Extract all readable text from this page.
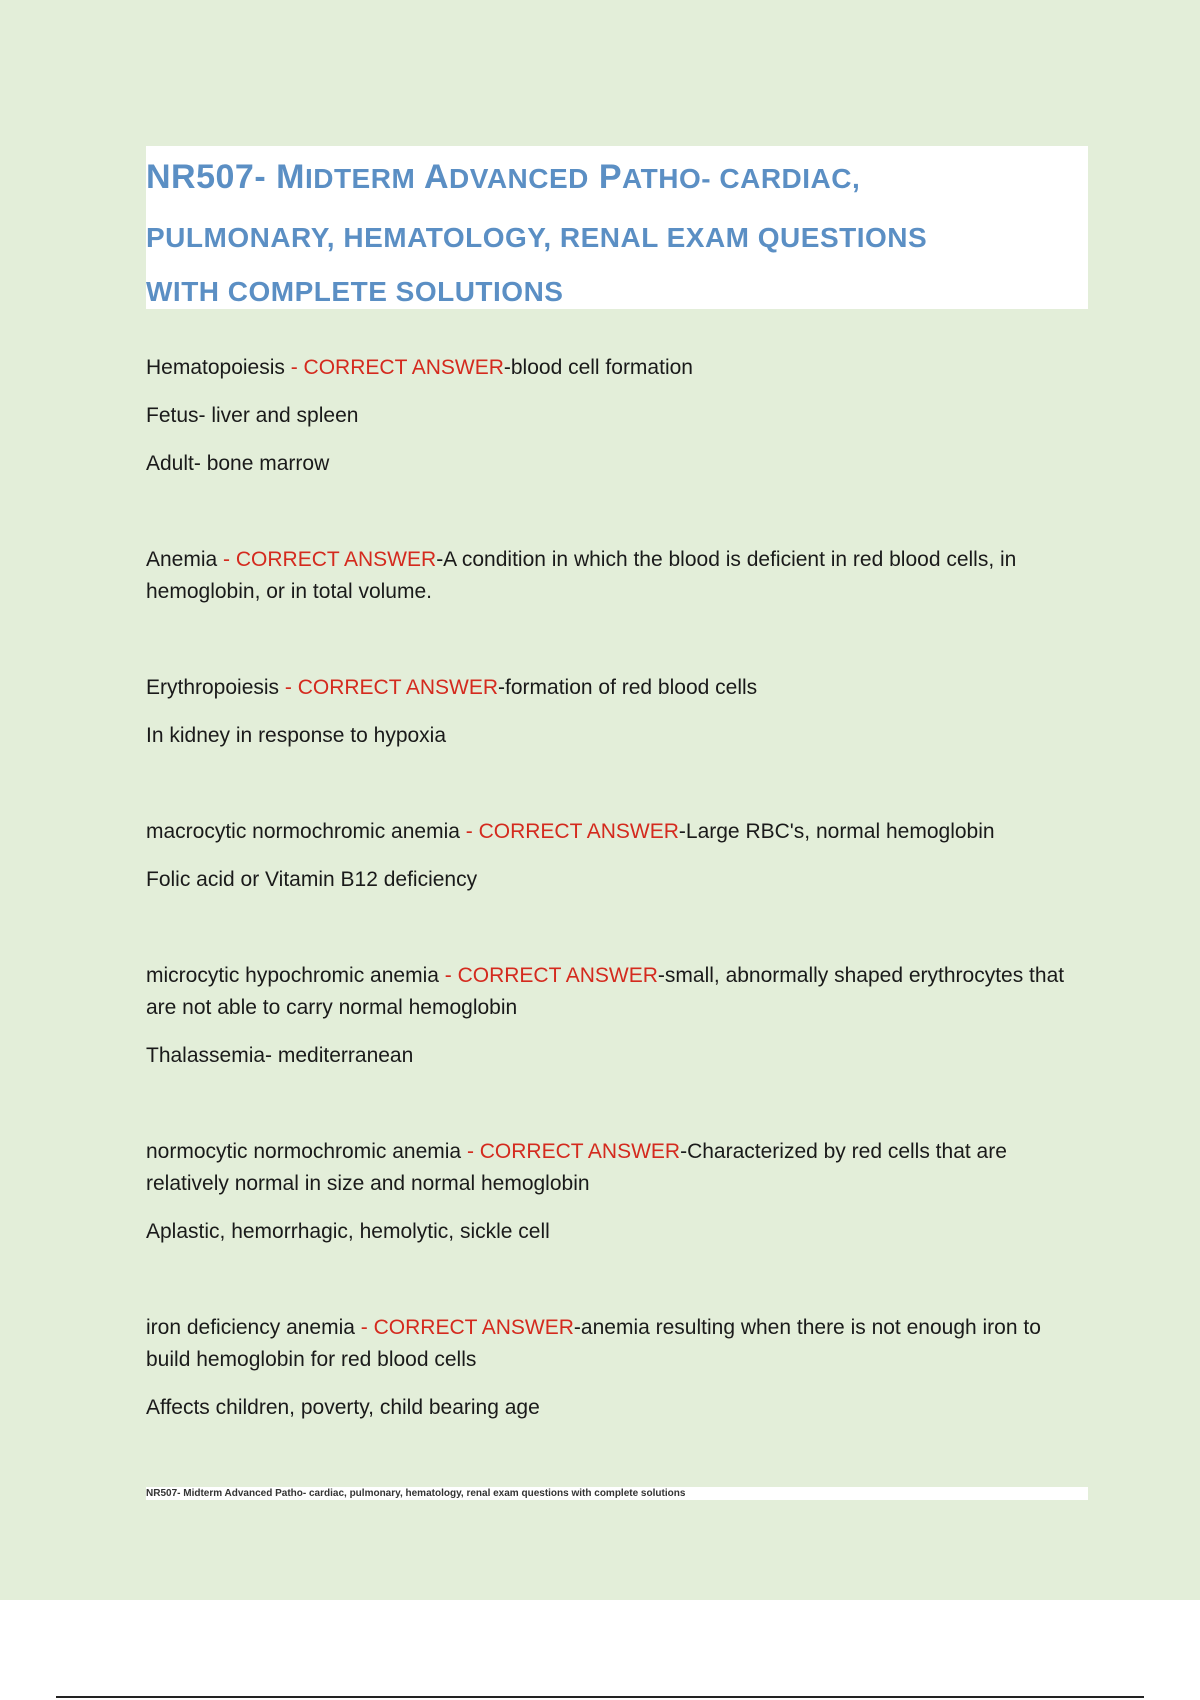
NR507- MIDTERM ADVANCED PATHO- CARDIAC,
PULMONARY, HEMATOLOGY, RENAL EXAM QUESTIONS
WITH COMPLETE SOLUTIONS

Hematopoiesis - CORRECT ANSWER-blood cell formation

Fetus- liver and spleen

Adult- bone marrow

Anemia - CORRECT ANSWER-A condition in which the blood is deficient in red blood cells, in hemoglobin, or in total volume.

Erythropoiesis - CORRECT ANSWER-formation of red blood cells

In kidney in response to hypoxia

macrocytic normochromic anemia - CORRECT ANSWER-Large RBC's, normal hemoglobin

Folic acid or Vitamin B12 deficiency

microcytic hypochromic anemia - CORRECT ANSWER-small, abnormally shaped erythrocytes that are not able to carry normal hemoglobin

Thalassemia- mediterranean

normocytic normochromic anemia - CORRECT ANSWER-Characterized by red cells that are relatively normal in size and normal hemoglobin

Aplastic, hemorrhagic, hemolytic, sickle cell

iron deficiency anemia - CORRECT ANSWER-anemia resulting when there is not enough iron to build hemoglobin for red blood cells

Affects children, poverty, child bearing age

NR507- Midterm Advanced Patho- cardiac, pulmonary, hematology, renal exam questions with complete solutions
